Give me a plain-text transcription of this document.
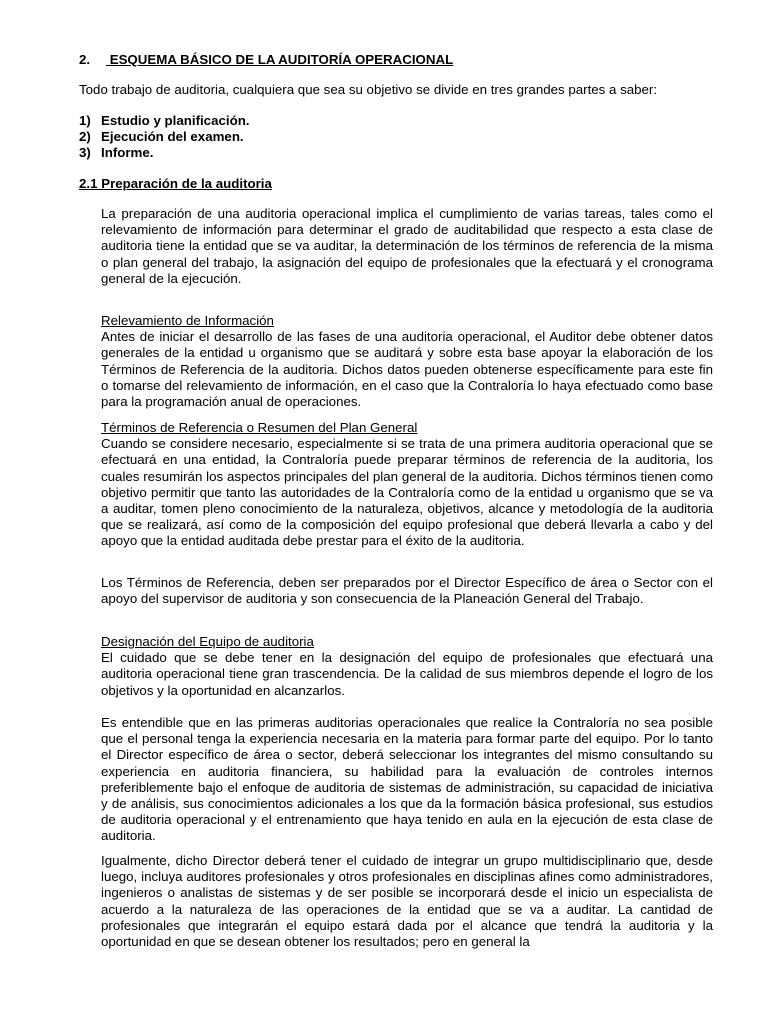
2. ESQUEMA BÁSICO DE LA AUDITORÍA OPERACIONAL

Todo trabajo de auditoria, cualquiera que sea su objetivo se divide en tres grandes partes a saber:

1) Estudio y planificación.
2) Ejecución del examen.
3) Informe.
2.1 Preparación de la auditoria

La preparación de una auditoria operacional implica el cumplimiento de varias tareas, tales como el relevamiento de información para determinar el grado de auditabilidad que respecto a esta clase de auditoria tiene la entidad que se va auditar, la determinación de los términos de referencia de la misma o plan general del trabajo, la asignación del equipo de profesionales que la efectuará y el cronograma general de la ejecución.

Relevamiento de Información

Antes de iniciar el desarrollo de las fases de una auditoria operacional, el Auditor debe obtener datos generales de la entidad u organismo que se auditará y sobre esta base apoyar la elaboración de los Términos de Referencia de la auditoria. Dichos datos pueden obtenerse específicamente para este fin o tomarse del relevamiento de información, en el caso que la Contraloría lo haya efectuado como base para la programación anual de operaciones.

Términos de Referencia o Resumen del Plan General

Cuando se considere necesario, especialmente si se trata de una primera auditoria operacional que se efectuará en una entidad, la Contraloría puede preparar términos de referencia de la auditoria, los cuales resumirán los aspectos principales del plan general de la auditoria. Dichos términos tienen como objetivo permitir que tanto las autoridades de la Contraloría como de la entidad u organismo que se va a auditar, tomen pleno conocimiento de la naturaleza, objetivos, alcance y metodología de la auditoria que se realizará, así como de la composición del equipo profesional que deberá llevarla a cabo y del apoyo que la entidad auditada debe prestar para el éxito de la auditoria.

Los Términos de Referencia, deben ser preparados por el Director Específico de área o Sector con el apoyo del supervisor de auditoria y son consecuencia de la Planeación General del Trabajo.

Designación del Equipo de auditoria

El cuidado que se debe tener en la designación del equipo de profesionales que efectuará una auditoria operacional tiene gran trascendencia. De la calidad de sus miembros depende el logro de los objetivos y la oportunidad en alcanzarlos.

Es entendible que en las primeras auditorias operacionales que realice la Contraloría no sea posible que el personal tenga la experiencia necesaria en la materia para formar parte del equipo. Por lo tanto el Director específico de área o sector, deberá seleccionar los integrantes del mismo consultando su experiencia en auditoria financiera, su habilidad para la evaluación de controles internos preferiblemente bajo el enfoque de auditoria de sistemas de administración, su capacidad de iniciativa y de análisis, sus conocimientos adicionales a los que da la formación básica profesional, sus estudios de auditoria operacional y el entrenamiento que haya tenido en aula en la ejecución de esta clase de auditoria.

Igualmente, dicho Director deberá tener el cuidado de integrar un grupo multidisciplinario que, desde luego, incluya auditores profesionales y otros profesionales en disciplinas afines como administradores, ingenieros o analistas de sistemas y de ser posible se incorporará desde el inicio un especialista de acuerdo a la naturaleza de las operaciones de la entidad que se va a auditar. La cantidad de profesionales que integrarán el equipo estará dada por el alcance que tendrá la auditoria y la oportunidad en que se desean obtener los resultados; pero en general la
